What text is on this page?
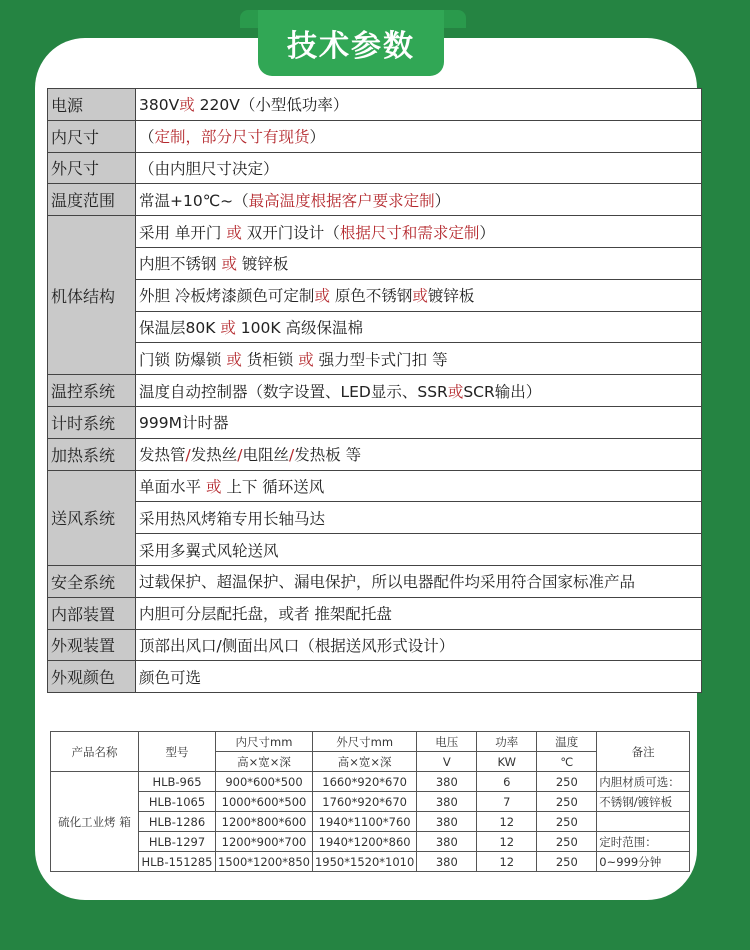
技术参数
电源	380V或 220V（小型低功率）
内尺寸	（定制，部分尺寸有现货）
外尺寸	（由内胆尺寸决定）
温度范围	常温+10℃~（最高温度根据客户要求定制）
机体结构	采用 单开门 或 双开门设计（根据尺寸和需求定制）
	内胆不锈钢 或 镀锌板
	外胆 冷板烤漆颜色可定制或 原色不锈钢或镀锌板
	保温层80K 或 100K 高级保温棉
	门锁 防爆锁 或 货柜锁 或 强力型卡式门扣 等
温控系统	温度自动控制器（数字设置、LED显示、SSR或SCR输出）
计时系统	999M计时器
加热系统	发热管/发热丝/电阻丝/发热板 等
送风系统	单面水平 或 上下 循环送风
	采用热风烤箱专用长轴马达
	采用多翼式风轮送风
安全系统	过载保护、超温保护、漏电保护，所以电器配件均采用符合国家标准产品
内部装置	内胆可分层配托盘，或者 推架配托盘
外观装置	顶部出风口/侧面出风口（根据送风形式设计）
外观颜色	颜色可选
产品名称	型号	内尺寸mm	外尺寸mm	电压	功率	温度	备注
		高×宽×深	高×宽×深	V	KW	℃	
硫化工业烤 箱	HLB-965	900*600*500	1660*920*670	380	6	250	内胆材质可选：
	HLB-1065	1000*600*500	1760*920*670	380	7	250	不锈钢/镀锌板
	HLB-1286	1200*800*600	1940*1100*760	380	12	250	
	HLB-1297	1200*900*700	1940*1200*860	380	12	250	定时范围：
	HLB-151285	1500*1200*850	1950*1520*1010	380	12	250	0~999分钟
